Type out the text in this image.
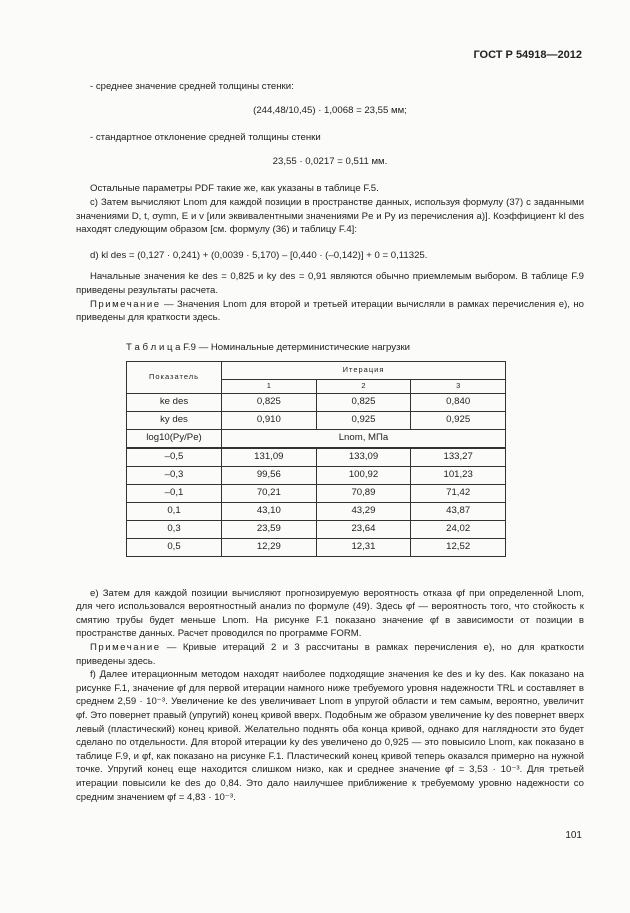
ГОСТ Р 54918—2012

- среднее значение средней толщины стенки:

(244,48/10,45) · 1,0068 = 23,55 мм;

- стандартное отклонение средней толщины стенки

23,55 · 0,0217 = 0,511 мм.

Остальные параметры PDF такие же, как указаны в таблице F.5.

c) Затем вычисляют Lnom для каждой позиции в пространстве данных, используя формулу (37) с заданными значениями D, t, σymn, E и v [или эквивалентными значениями Pe и Py из перечисления a)]. Коэффициент kl des находят следующим образом [см. формулу (36) и таблицу F.4]:

d) kl des = (0,127 · 0,241) + (0,0039 · 5,170) – [0,440 · (–0,142)] + 0 = 0,11325.

Начальные значения ke des = 0,825 и ky des = 0,91 являются обычно приемлемым выбором. В таблице F.9 приведены результаты расчета.

Примечание — Значения Lnom для второй и третьей итерации вычисляли в рамках перечисления e), но приведены для краткости здесь.

Т а б л и ц а F.9 — Номинальные детерминистические нагрузки

Показатель	Итерация		
	1	2	3
ke des	0,825	0,825	0,840
ky des	0,910	0,925	0,925
log10(Py/Pe)	Lnom, МПа		
–0,5	131,09	133,09	133,27
–0,3	99,56	100,92	101,23
–0,1	70,21	70,89	71,42
0,1	43,10	43,29	43,87
0,3	23,59	23,64	24,02
0,5	12,29	12,31	12,52

e) Затем для каждой позиции вычисляют прогнозируемую вероятность отказа φf при определенной Lnom, для чего использовался вероятностный анализ по формуле (49). Здесь φf — вероятность того, что стойкость к смятию трубы будет меньше Lnom. На рисунке F.1 показано значение φf в зависимости от позиции в пространстве данных. Расчет проводился по программе FORM.

Примечание — Кривые итераций 2 и 3 рассчитаны в рамках перечисления e), но для краткости приведены здесь.

f) Далее итерационным методом находят наиболее подходящие значения ke des и ky des. Как показано на рисунке F.1, значение φf для первой итерации намного ниже требуемого уровня надежности TRL и составляет в среднем 2,59 · 10⁻³. Увеличение ke des увеличивает Lnom в упругой области и тем самым, вероятно, увеличит φf. Это повернет правый (упругий) конец кривой вверх. Подобным же образом увеличение ky des повернет вверх левый (пластический) конец кривой. Желательно поднять оба конца кривой, однако для наглядности это будет сделано по отдельности. Для второй итерации ky des увеличено до 0,925 — это повысило Lnom, как показано в таблице F.9, и φf, как показано на рисунке F.1. Пластический конец кривой теперь оказался примерно на нужной точке. Упругий конец еще находится слишком низко, как и среднее значение φf = 3,53 · 10⁻³. Для третьей итерации повысили ke des до 0,84. Это дало наилучшее приближение к требуемому уровню надежности со средним значением φf = 4,83 · 10⁻³.

101
